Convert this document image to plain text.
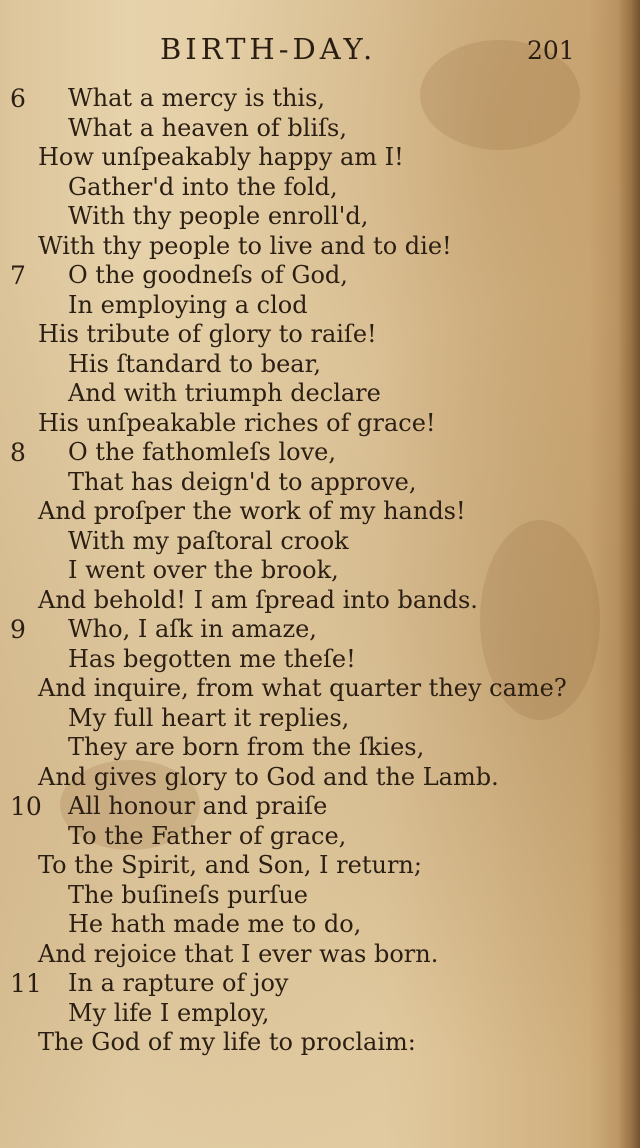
BIRTH-DAY.	201
6 What a mercy is this,
What a heaven of bliſs,
How unſpeakably happy am I!
Gather'd into the fold,
With thy people enroll'd,
With thy people to live and to die!
7 O the goodneſs of God,
In employing a clod
His tribute of glory to raiſe!
His ſtandard to bear,
And with triumph declare
His unſpeakable riches of grace!
8 O the fathomleſs love,
That has deign'd to approve,
And proſper the work of my hands!
With my paſtoral crook
I went over the brook,
And behold! I am ſpread into bands.
9 Who, I aſk in amaze,
Has begotten me theſe!
And inquire, from what quarter they came?
My full heart it replies,
They are born from the ſkies,
And gives glory to God and the Lamb.
10 All honour and praiſe
To the Father of grace,
To the Spirit, and Son, I return;
The buſineſs purſue
He hath made me to do,
And rejoice that I ever was born.
11 In a rapture of joy
My life I employ,
The God of my life to proclaim:
